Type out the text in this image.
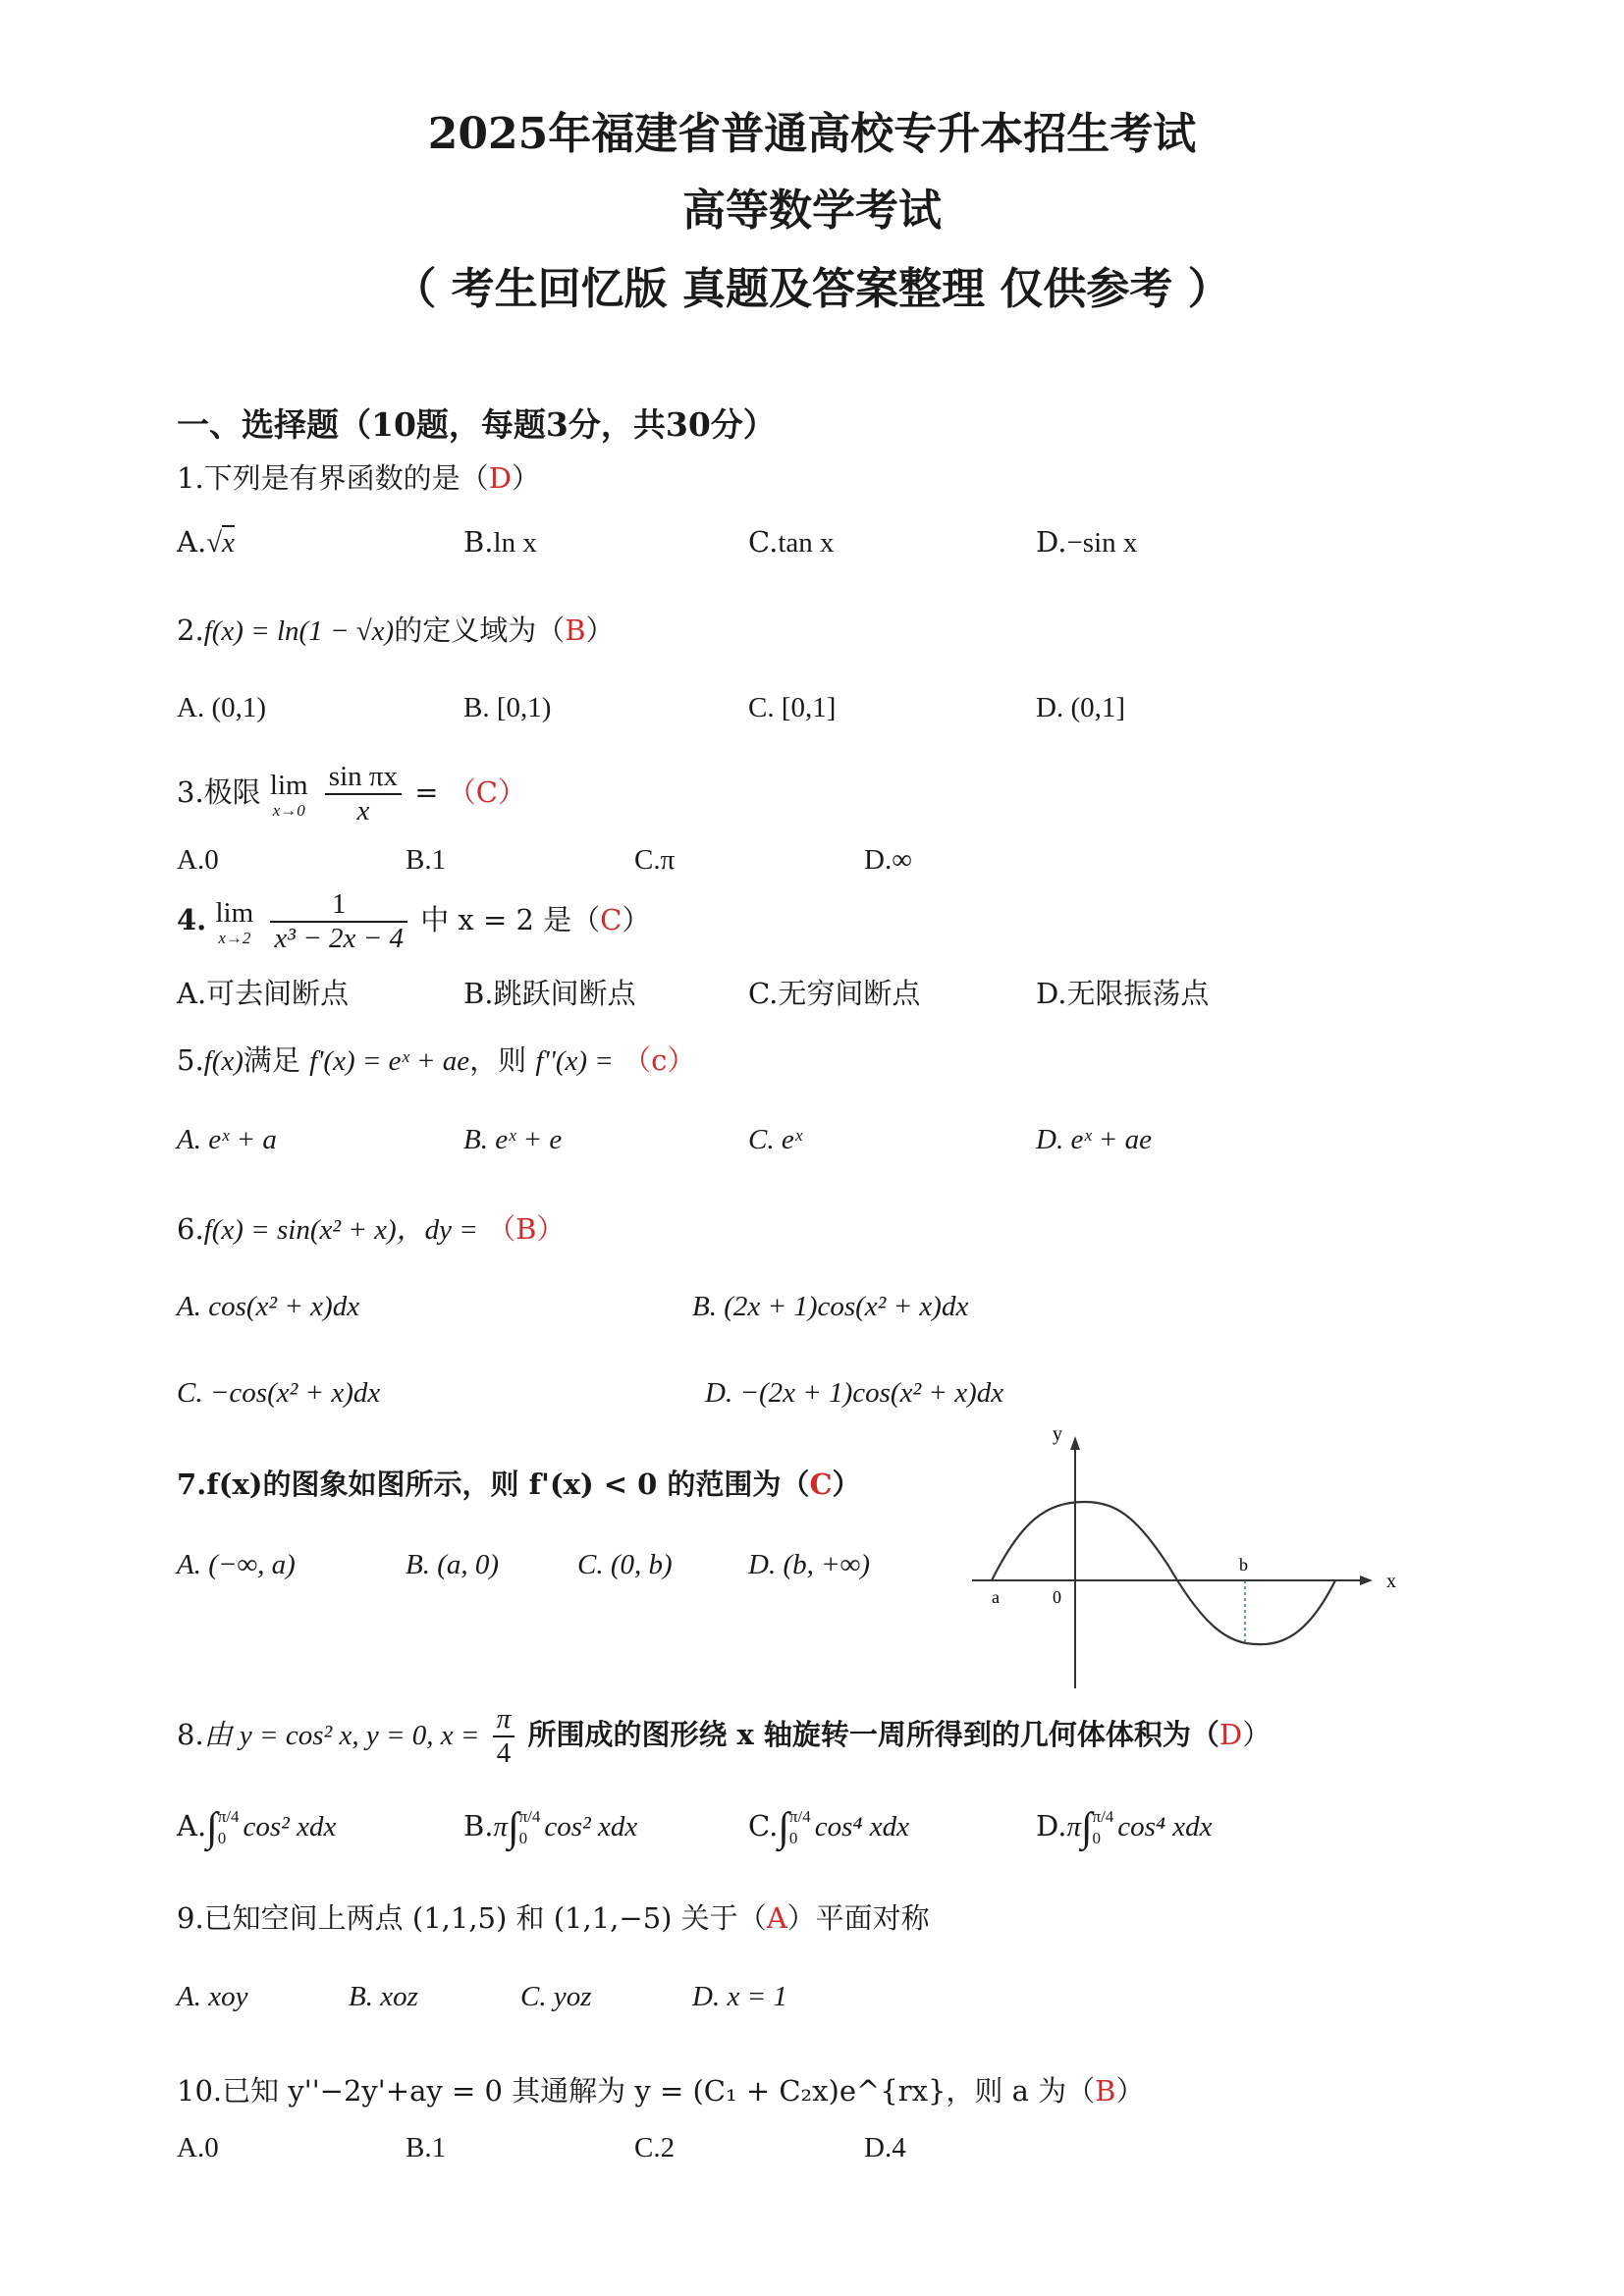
2025年福建省普通高校专升本招生考试
高等数学考试
（ 考生回忆版 真题及答案整理 仅供参考 ）
一、选择题（10题，每题3分，共30分）
1.下列是有界函数的是（D）
A.√x	B.ln x	C.tan x	D.−sin x
2.f(x) = ln(1 − √x)的定义域为（B）
A. (0,1)	B. [0,1)	C. [0,1]	D. (0,1]
3.极限 lim
x→0
$\frac{\text{sin πx}}{x} = (C)$
A.0	B.1	C.π	D.∞
4. lim
x→2
$\frac{1}{\text{x³ − 2x − 4}}$ 中 x = 2 是（C）
A.可去间断点	B.跳跃间断点	C.无穷间断点	D.无限振荡点
5.f(x)满足 f'(x) = eˣ + ae，则 f''(x) = （c）
A. eˣ + a	B. eˣ + e	C. eˣ	D. eˣ + ae
6.f(x) = sin(x² + x)，dy = （B）
A. cos(x² + x)dx	B. (2x + 1)cos(x² + x)dx
C. −cos(x² + x)dx	D. −(2x + 1)cos(x² + x)dx
7.f(x)的图象如图所示，则 f'(x) < 0 的范围为（C）
A. (−∞, a)	B. (a, 0)	C. (0, b)	D. (b, +∞)
y
x
a	0
b
8.由 y = cos² x, y = 0, $x = \frac{\pi}{4}$ 所围成的图形绕 x 轴旋转一周所得到的几何体体积为（D）
A.∫ π/4
0 cos² xdx	B.π∫ π/4
0 cos² xdx	C.∫ π/4
0 cos⁴ xdx	D.π∫ π/4
0 cos⁴ xdx
9.已知空间上两点 (1,1,5) 和 (1,1,−5) 关于（A）平面对称
A. xoy	B. xoz	C. yoz	D. x = 1
10.已知 y''−2y'+ay = 0 其通解为 y = (C₁ + C₂x)e^{rx}，则 a 为（B）
A.0	B.1	C.2	D.4
